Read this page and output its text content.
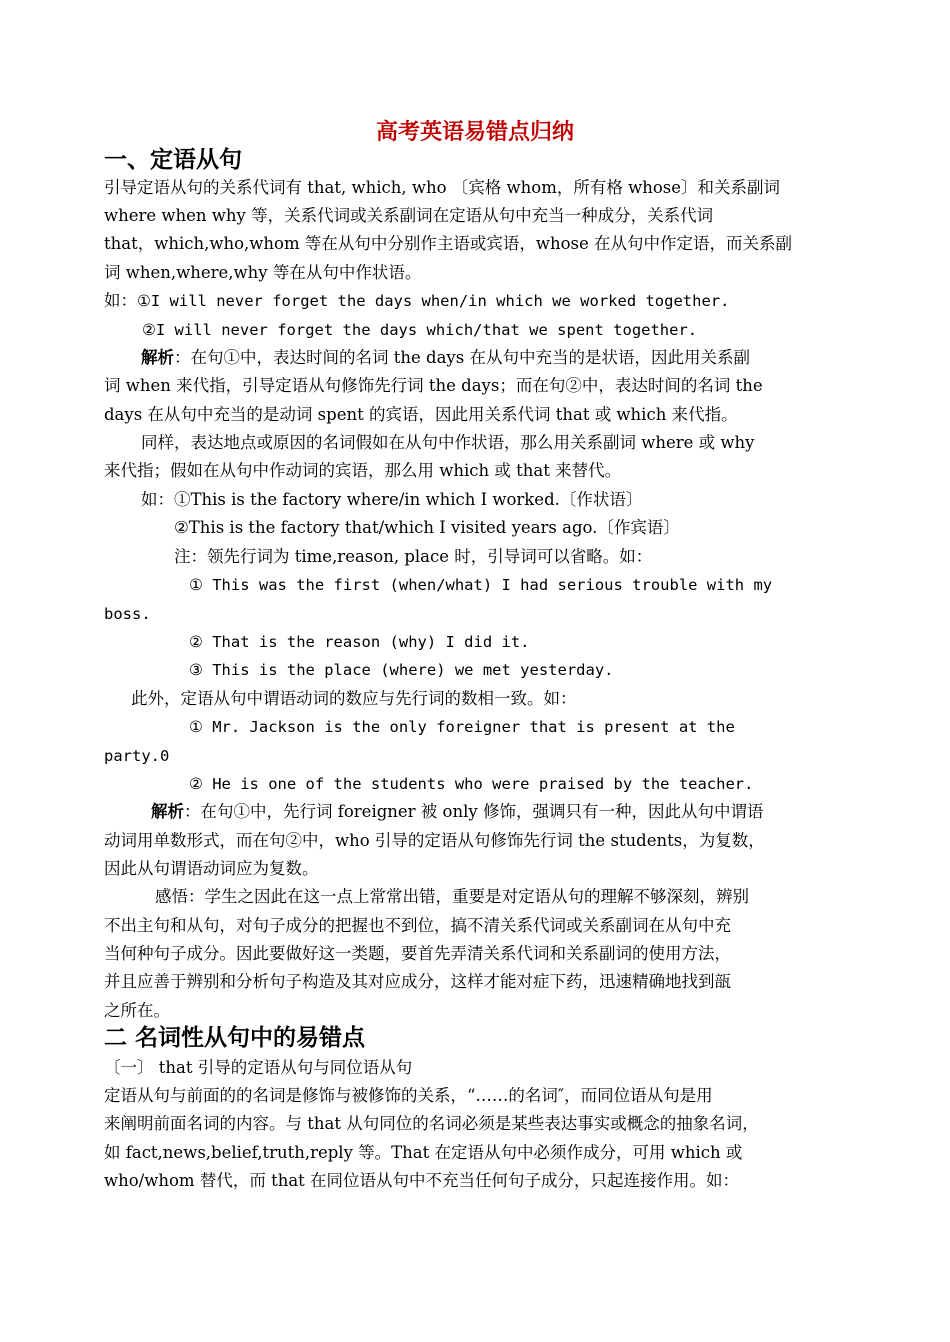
高考英语易错点归纳
一、定语从句
引导定语从句的关系代词有 that, which, who 〔宾格 whom，所有格 whose〕和关系副词
where when why 等，关系代词或关系副词在定语从句中充当一种成分，关系代词
that，which,who,whom 等在从句中分别作主语或宾语，whose 在从句中作定语，而关系副
词 when,where,why 等在从句中作状语。
如：①I will never forget the days when/in which we worked together.
②I will never forget the days which/that we spent together.
解析：在句①中，表达时间的名词 the days 在从句中充当的是状语，因此用关系副
词 when 来代指，引导定语从句修饰先行词 the days；而在句②中，表达时间的名词 the
days 在从句中充当的是动词 spent 的宾语，因此用关系代词 that 或 which 来代指。
同样，表达地点或原因的名词假如在从句中作状语，那么用关系副词 where 或 why
来代指；假如在从句中作动词的宾语，那么用 which 或 that 来替代。
如：①This is the factory where/in which I worked.〔作状语〕
②This is the factory that/which I visited years ago.〔作宾语〕
注：领先行词为 time,reason, place 时，引导词可以省略。如：
① This was the first (when/what) I had serious trouble with my
boss.
② That is the reason (why) I did it.
③ This is the place (where) we met yesterday.
此外，定语从句中谓语动词的数应与先行词的数相一致。如：
① Mr. Jackson is the only foreigner that is present at the
party.0
② He is one of the students who were praised by the teacher.
解析：在句①中，先行词 foreigner 被 only 修饰，强调只有一种，因此从句中谓语
动词用单数形式，而在句②中，who 引导的定语从句修饰先行词 the students，为复数，
因此从句谓语动词应为复数。
感悟：学生之因此在这一点上常常出错，重要是对定语从句的理解不够深刻，辨别
不出主句和从句，对句子成分的把握也不到位，搞不清关系代词或关系副词在从句中充
当何种句子成分。因此要做好这一类题，要首先弄清关系代词和关系副词的使用方法，
并且应善于辨别和分析句子构造及其对应成分，这样才能对症下药，迅速精确地找到瓿
之所在。
二 名词性从句中的易错点
〔一〕 that 引导的定语从句与同位语从句
定语从句与前面的的名词是修饰与被修饰的关系，“……的名词″，而同位语从句是用
来阐明前面名词的内容。与 that 从句同位的名词必须是某些表达事实或概念的抽象名词，
如 fact,news,belief,truth,reply 等。That 在定语从句中必须作成分，可用 which 或
who/whom 替代，而 that 在同位语从句中不充当任何句子成分，只起连接作用。如：
